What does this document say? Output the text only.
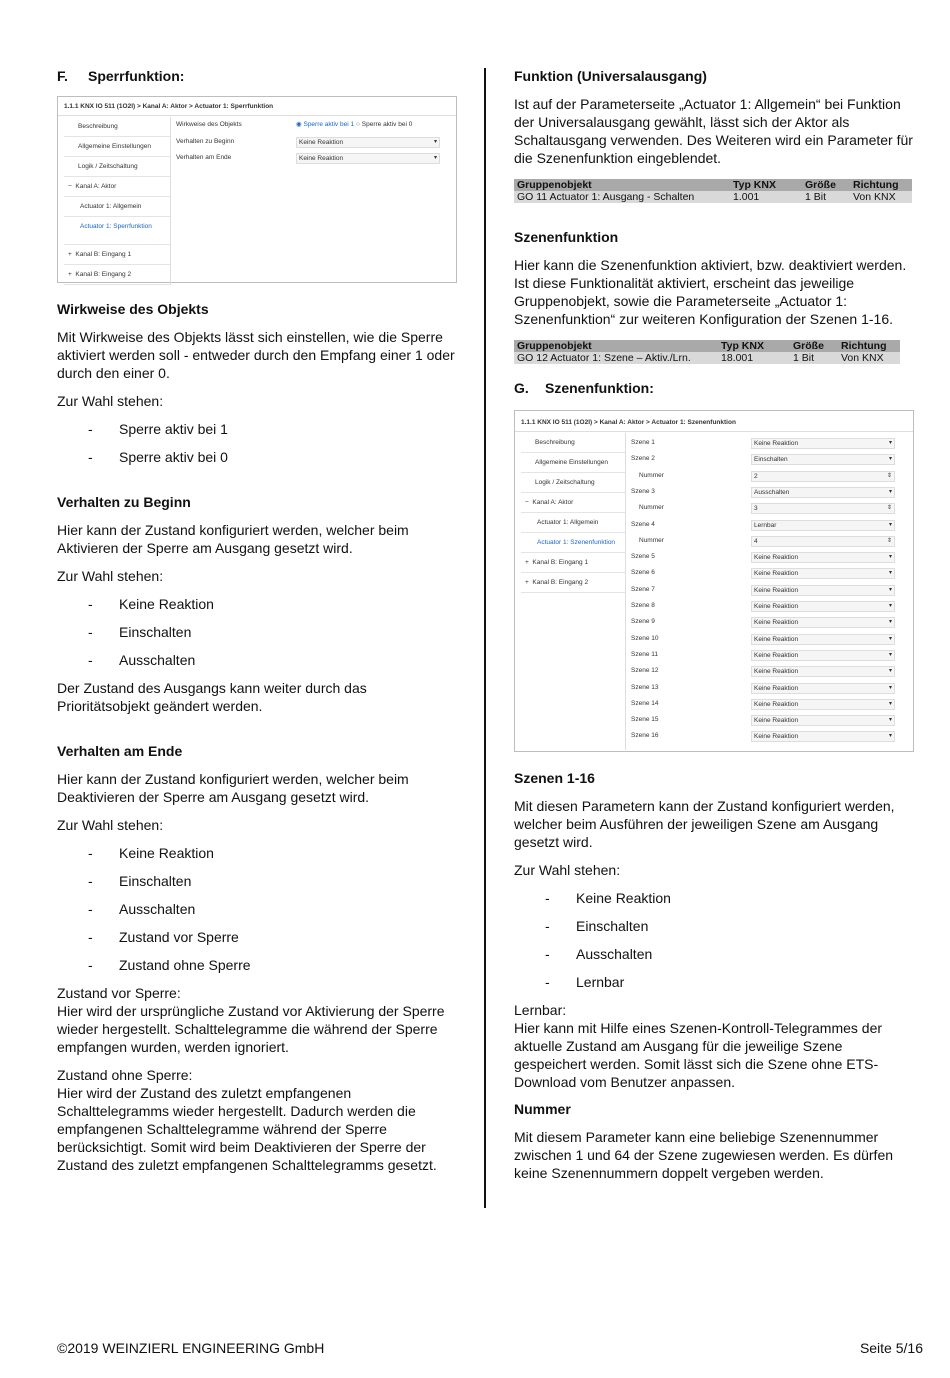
F. Sperrfunktion:
1.1.1 KNX IO 511 (1O2I) > Kanal A: Aktor > Actuator 1: Sperrfunktion
Beschreibung
Allgemeine Einstellungen
Logik / Zeitschaltung
− Kanal A: Aktor
Actuator 1: Allgemein
Actuator 1: Sperrfunktion
+ Kanal B: Eingang 1
+ Kanal B: Eingang 2
Wirkweise des Objekts	◉ Sperre aktiv bei 1 ○ Sperre aktiv bei 0
Verhalten zu Beginn	Keine Reaktion ▾
Verhalten am Ende	Keine Reaktion ▾

Wirkweise des Objekts

Mit Wirkweise des Objekts lässt sich einstellen, wie die Sperre aktiviert werden soll - entweder durch den Empfang einer 1 oder durch den einer 0.

Zur Wahl stehen:

- Sperre aktiv bei 1
- Sperre aktiv bei 0

Verhalten zu Beginn

Hier kann der Zustand konfiguriert werden, welcher beim Aktivieren der Sperre am Ausgang gesetzt wird.

Zur Wahl stehen:

- Keine Reaktion
- Einschalten
- Ausschalten

Der Zustand des Ausgangs kann weiter durch das Prioritätsobjekt geändert werden.

Verhalten am Ende

Hier kann der Zustand konfiguriert werden, welcher beim Deaktivieren der Sperre am Ausgang gesetzt wird.

Zur Wahl stehen:

- Keine Reaktion
- Einschalten
- Ausschalten
- Zustand vor Sperre
- Zustand ohne Sperre

Zustand vor Sperre:

Hier wird der ursprüngliche Zustand vor Aktivierung der Sperre wieder hergestellt. Schalttelegramme die während der Sperre empfangen wurden, werden ignoriert.

Zustand ohne Sperre:

Hier wird der Zustand des zuletzt empfangenen Schalttelegramms wieder hergestellt. Dadurch werden die empfangenen Schalttelegramme während der Sperre berücksichtigt. Somit wird beim Deaktivieren der Sperre der Zustand des zuletzt empfangenen Schalttelegramms gesetzt.

Funktion (Universalausgang)

Ist auf der Parameterseite „Actuator 1: Allgemein“ bei Funktion der Universalausgang gewählt, lässt sich der Aktor als Schaltausgang verwenden. Des Weiteren wird ein Parameter für die Szenenfunktion eingeblendet.

Gruppenobjekt	Typ KNX	Größe	Richtung
GO 11 Actuator 1: Ausgang - Schalten	1.001	1 Bit	Von KNX

Szenenfunktion

Hier kann die Szenenfunktion aktiviert, bzw. deaktiviert werden. Ist diese Funktionalität aktiviert, erscheint das jeweilige Gruppenobjekt, sowie die Parameterseite „Actuator 1: Szenenfunktion“ zur weiteren Konfiguration der Szenen 1-16.

Gruppenobjekt	Typ KNX	Größe	Richtung
GO 12 Actuator 1: Szene – Aktiv./Lrn.	18.001	1 Bit	Von KNX
G. Szenenfunktion:
1.1.1 KNX IO 511 (1O2I) > Kanal A: Aktor > Actuator 1: Szenenfunktion
Beschreibung
Allgemeine Einstellungen
Logik / Zeitschaltung
− Kanal A: Aktor
Actuator 1: Allgemein
Actuator 1: Szenenfunktion
+ Kanal B: Eingang 1
+ Kanal B: Eingang 2
Szene 1	Keine Reaktion ▾
Szene 2	Einschalten ▾
Nummer	2 ⇕
Szene 3	Ausschalten ▾
Nummer	3 ⇕
Szene 4	Lernbar ▾
Nummer	4 ⇕
Szene 5	Keine Reaktion ▾
Szene 6	Keine Reaktion ▾
Szene 7	Keine Reaktion ▾
Szene 8	Keine Reaktion ▾
Szene 9	Keine Reaktion ▾
Szene 10	Keine Reaktion ▾
Szene 11	Keine Reaktion ▾
Szene 12	Keine Reaktion ▾
Szene 13	Keine Reaktion ▾
Szene 14	Keine Reaktion ▾
Szene 15	Keine Reaktion ▾
Szene 16	Keine Reaktion ▾

Szenen 1-16

Mit diesen Parametern kann der Zustand konfiguriert werden, welcher beim Ausführen der jeweiligen Szene am Ausgang gesetzt wird.

Zur Wahl stehen:

- Keine Reaktion
- Einschalten
- Ausschalten
- Lernbar

Lernbar:

Hier kann mit Hilfe eines Szenen-Kontroll-Telegrammes der aktuelle Zustand am Ausgang für die jeweilige Szene gespeichert werden. Somit lässt sich die Szene ohne ETS-Download vom Benutzer anpassen.

Nummer

Mit diesem Parameter kann eine beliebige Szenennummer zwischen 1 und 64 der Szene zugewiesen werden. Es dürfen keine Szenennummern doppelt vergeben werden.

©2019 WEINZIERL ENGINEERING GmbH	Seite 5/16
